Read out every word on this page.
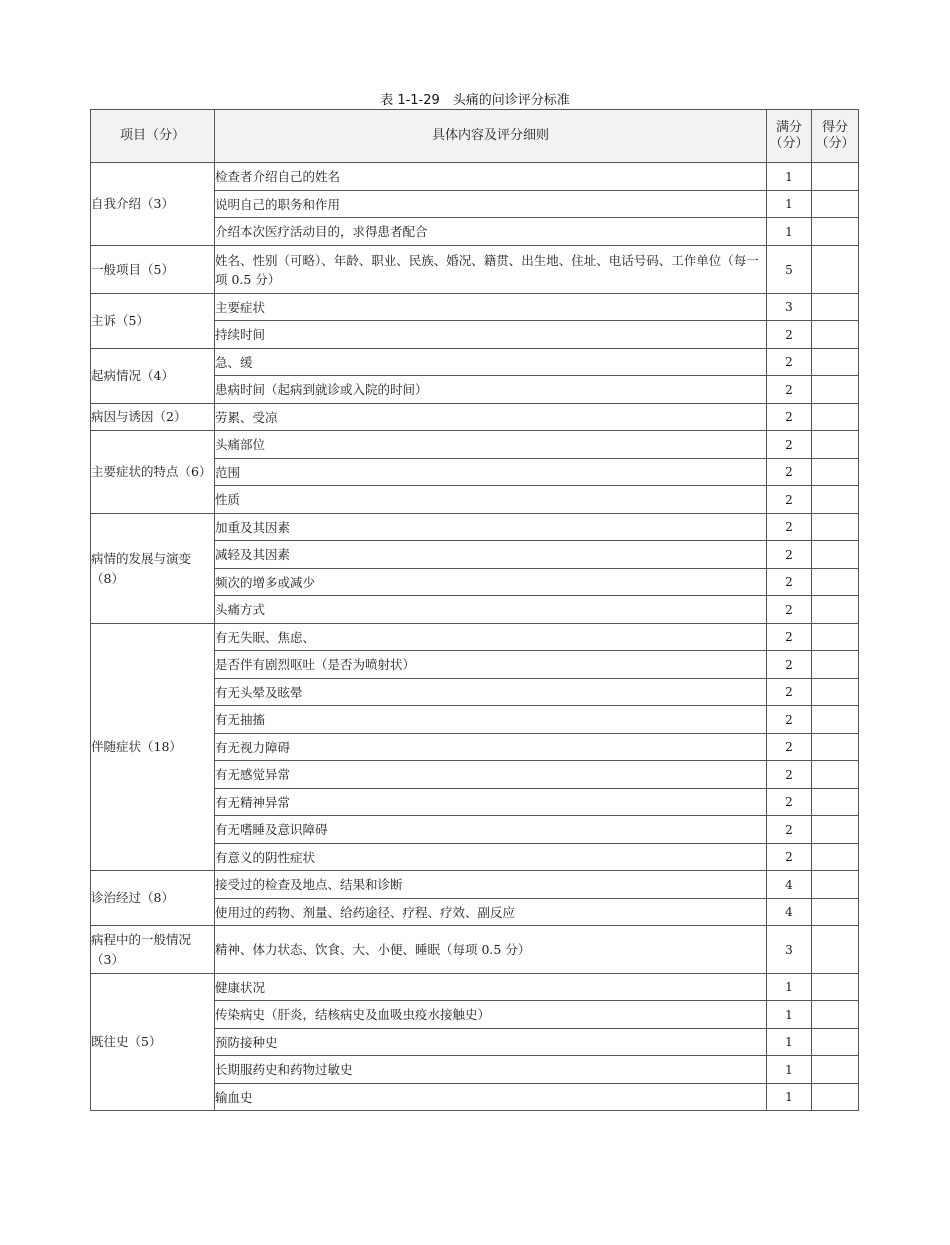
表 1-1-29　头痛的问诊评分标准
项目（分）	具体内容及评分细则	满分（分）	得分（分）
自我介绍（3）	检查者介绍自己的姓名	1	
	说明自己的职务和作用	1	
	介绍本次医疗活动目的，求得患者配合	1	
一般项目（5）	姓名、性别（可略）、年龄、职业、民族、婚况、籍贯、出生地、住址、电话号码、工作单位（每一项 0.5 分）	5	
主诉（5）	主要症状	3	
	持续时间	2	
起病情况（4）	急、缓	2	
	患病时间（起病到就诊或入院的时间）	2	
病因与诱因（2）	劳累、受凉	2	
主要症状的特点（6）	头痛部位	2	
	范围	2	
	性质	2	
病情的发展与演变（8）	加重及其因素	2	
	减轻及其因素	2	
	频次的增多或减少	2	
	头痛方式	2	
伴随症状（18）	有无失眠、焦虑、	2	
	是否伴有剧烈呕吐（是否为喷射状）	2	
	有无头晕及眩晕	2	
	有无抽搐	2	
	有无视力障碍	2	
	有无感觉异常	2	
	有无精神异常	2	
	有无嗜睡及意识障碍	2	
	有意义的阴性症状	2	
诊治经过（8）	接受过的检查及地点、结果和诊断	4	
	使用过的药物、剂量、给药途径、疗程、疗效、副反应	4	
病程中的一般情况（3）	精神、体力状态、饮食、大、小便、睡眠（每项 0.5 分）	3	
既往史（5）	健康状况	1	
	传染病史（肝炎，结核病史及血吸虫疫水接触史）	1	
	预防接种史	1	
	长期服药史和药物过敏史	1	
	输血史	1	
